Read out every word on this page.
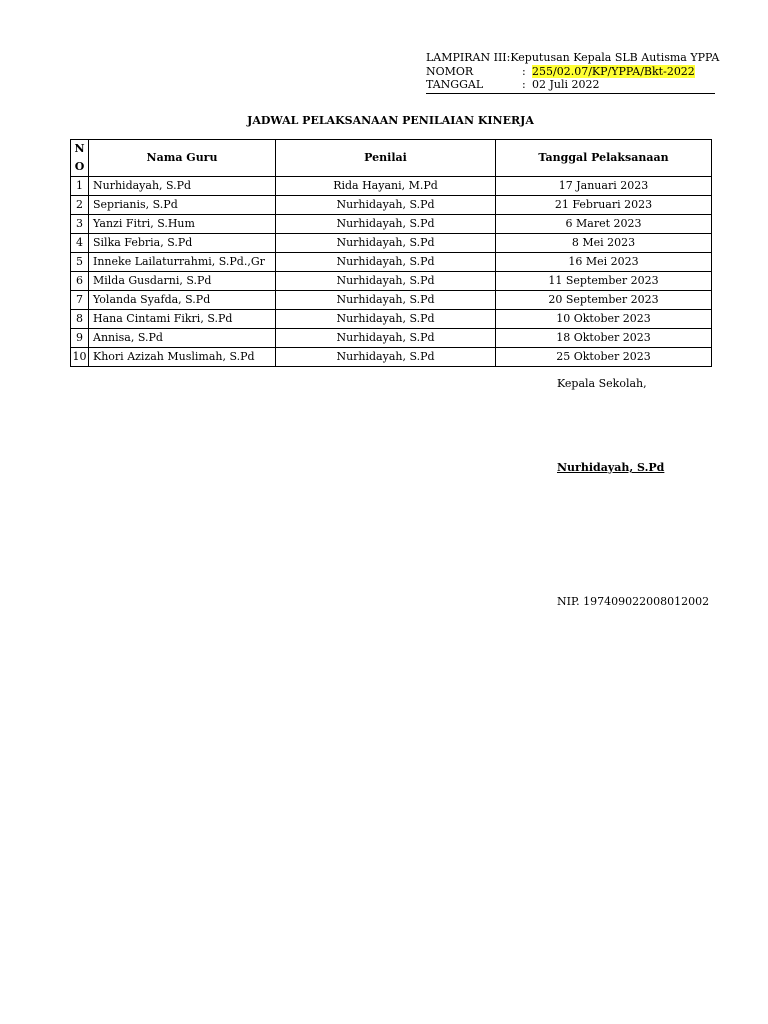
LAMPIRAN III : Keputusan Kepala SLB Autisma YPPA
NOMOR	: 255/02.07/KP/YPPA/Bkt-2022
TANGGAL	: 02 Juli 2022
JADWAL PELAKSANAAN PENILAIAN KINERJA
N
O	Nama Guru	Penilai	Tanggal Pelaksanaan
1	Nurhidayah, S.Pd	Rida Hayani, M.Pd	17 Januari 2023
2	Seprianis, S.Pd	Nurhidayah, S.Pd	21 Februari 2023
3	Yanzi Fitri, S.Hum	Nurhidayah, S.Pd	6 Maret 2023
4	Silka Febria, S.Pd	Nurhidayah, S.Pd	8 Mei 2023
5	Inneke Lailaturrahmi, S.Pd.,Gr	Nurhidayah, S.Pd	16 Mei 2023
6	Milda Gusdarni, S.Pd	Nurhidayah, S.Pd	11 September 2023
7	Yolanda Syafda, S.Pd	Nurhidayah, S.Pd	20 September 2023
8	Hana Cintami Fikri, S.Pd	Nurhidayah, S.Pd	10 Oktober 2023
9	Annisa, S.Pd	Nurhidayah, S.Pd	18 Oktober 2023
10	Khori Azizah Muslimah, S.Pd	Nurhidayah, S.Pd	25 Oktober 2023
Kepala Sekolah,
Nurhidayah, S.Pd
NIP. 197409022008012002
